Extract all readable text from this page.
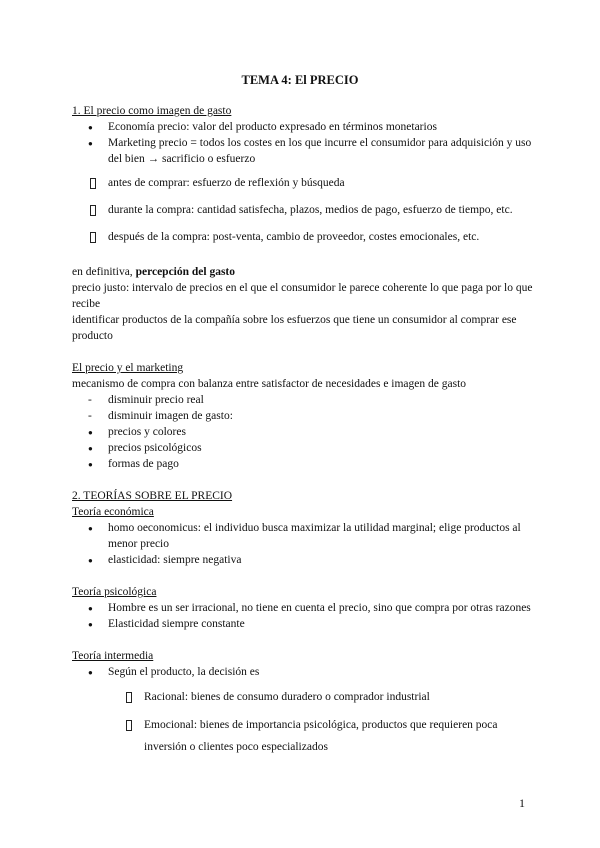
TEMA 4: El PRECIO
1. El precio como imagen de gasto
●
Economía precio: valor del producto expresado en términos monetarios
●
Marketing precio = todos los costes en los que incurre el consumidor para adquisición y uso del bien → sacrificio o esfuerzo
antes de comprar: esfuerzo de reflexión y búsqueda
durante la compra: cantidad satisfecha, plazos, medios de pago, esfuerzo de tiempo, etc.
después de la compra: post-venta, cambio de proveedor, costes emocionales, etc.
en definitiva, percepción del gasto
precio justo: intervalo de precios en el que el consumidor le parece coherente lo que paga por lo que recibe
identificar productos de la compañía sobre los esfuerzos que tiene un consumidor al comprar ese producto
El precio y el marketing
mecanismo de compra con balanza entre satisfactor de necesidades e imagen de gasto
- disminuir precio real
- disminuir imagen de gasto:
●
precios y colores
●
precios psicológicos
●
formas de pago
2. TEORÍAS SOBRE EL PRECIO
Teoría económica
●
homo oeconomicus: el individuo busca maximizar la utilidad marginal; elige productos al menor precio
●
elasticidad: siempre negativa
Teoría psicológica
●
Hombre es un ser irracional, no tiene en cuenta el precio, sino que compra por otras razones
●
Elasticidad siempre constante
Teoría intermedia
●
Según el producto, la decisión es
Racional: bienes de consumo duradero o comprador industrial
Emocional: bienes de importancia psicológica, productos que requieren poca inversión o clientes poco especializados
1
